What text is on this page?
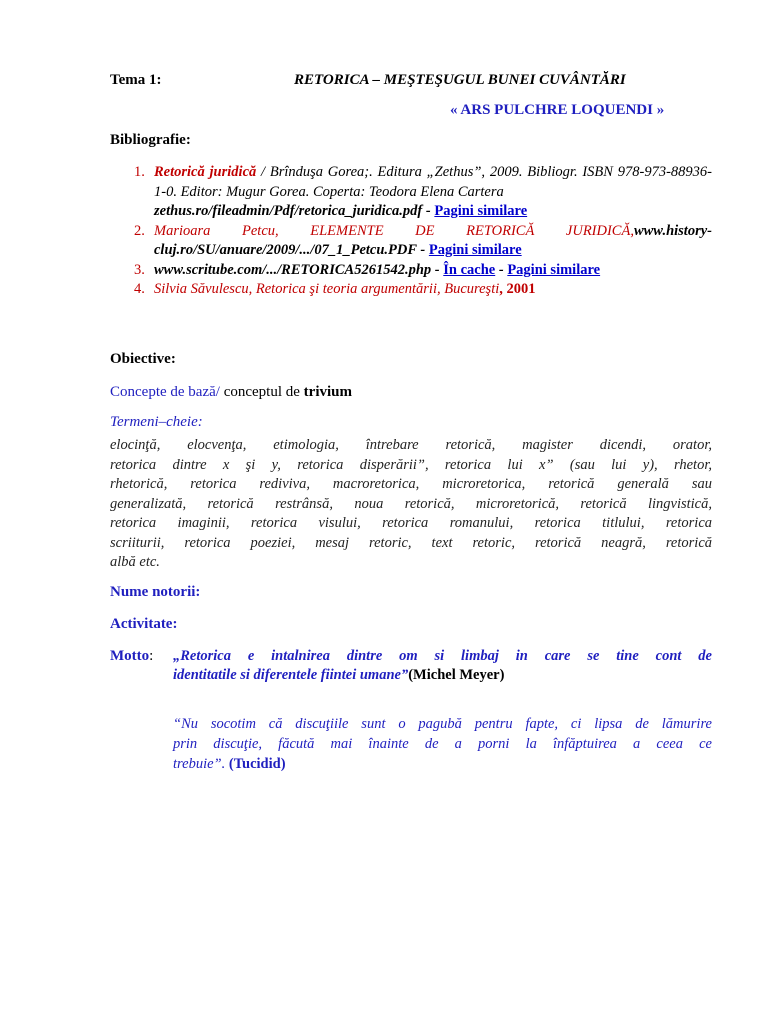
Tema 1:	RETORICA – MEŞTEŞUGUL BUNEI CUVÂNTĂRI
« ARS PULCHRE LOQUENDI »
Bibliografie:
1. Retorică juridică / Brînduşa Gorea;. Editura „Zethus”, 2009. Bibliogr. ISBN 978-973-88936-1-0. Editor: Mugur Gorea. Coperta: Teodora Elena Cartera
zethus.ro/fileadmin/Pdf/retorica_juridica.pdf - Pagini similare
2. Marioara Petcu, ELEMENTE DE RETORICĂ JURIDICĂ,www.history-
cluj.ro/SU/anuare/2009/.../07_1_Petcu.PDF - Pagini similare
3. www.scritube.com/.../RETORICA5261542.php - În cache - Pagini similare
4. Silvia Săvulescu, Retorica şi teoria argumentării, Bucureşti, 2001
Obiective:
Concepte de bază/ conceptul de trivium
Termeni–cheie:
elocinţă, elocvenţa, etimologia, întrebare retorică, magister dicendi, orator,
retorica dintre x şi y, retorica disperării”, retorica lui x” (sau lui y), rhetor,
rhetorică, retorica rediviva, macroretorica, microretorica, retorică generală sau
generalizată, retorică restrânsă, noua retorică, microretorică, retorică lingvistică,
retorica imaginii, retorica visului, retorica romanului, retorica titlului, retorica
scriiturii, retorica poeziei, mesaj retoric, text retoric, retorică neagră, retorică
albă etc.
Nume notorii:
Activitate:
Motto: „Retorica e intalnirea dintre om si limbaj in care se tine cont de
identitatile si diferentele fiintei umane”(Michel Meyer)
“Nu socotim că discuţiile sunt o pagubă pentru fapte, ci lipsa de lămurire
prin discuţie, făcută mai înainte de a porni la înfăptuirea a ceea ce
trebuie”. (Tucidid)
